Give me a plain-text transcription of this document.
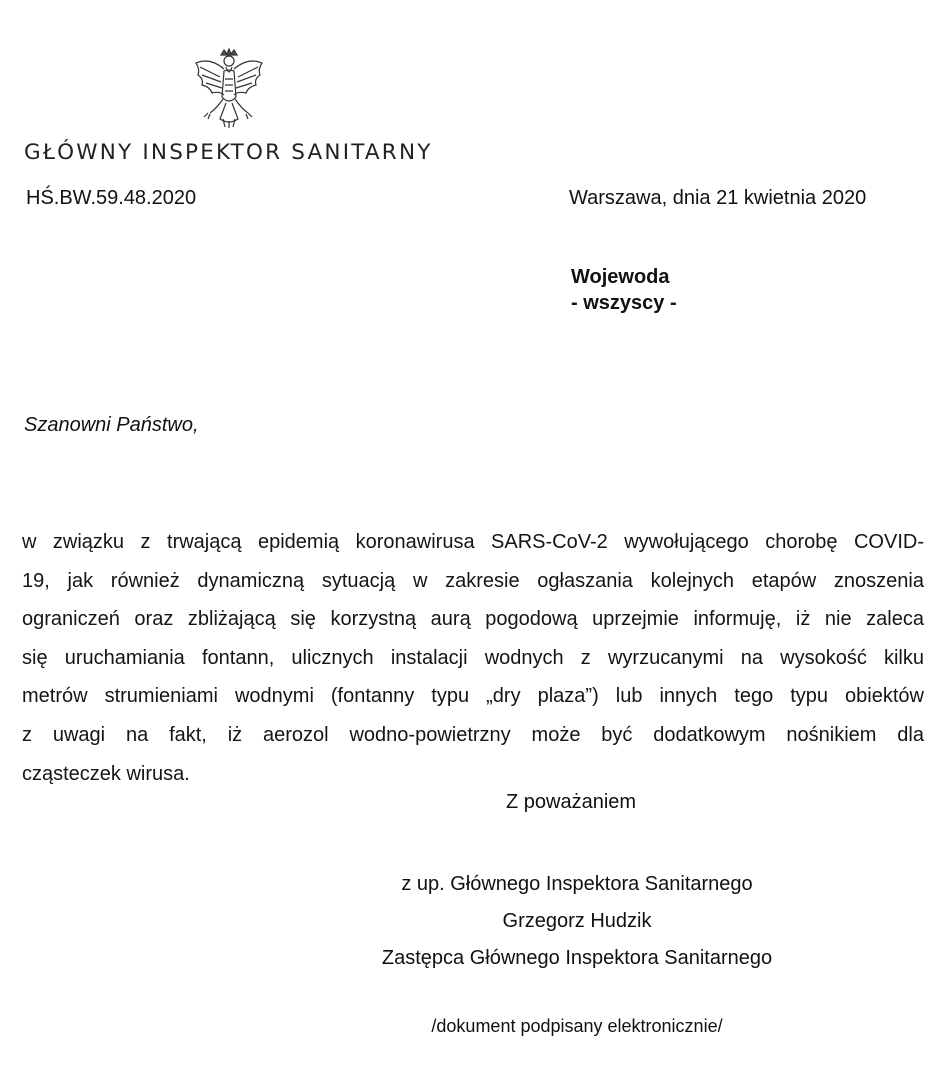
GŁÓWNY INSPEKTOR SANITARNY
HŚ.BW.59.48.2020	Warszawa, dnia 21 kwietnia 2020
Wojewoda
- wszyscy -
Szanowni Państwo,
w związku z trwającą epidemią koronawirusa SARS-CoV-2 wywołującego chorobę COVID-
19, jak również dynamiczną sytuacją w zakresie ogłaszania kolejnych etapów znoszenia
ograniczeń oraz zbliżającą się korzystną aurą pogodową uprzejmie informuję, iż nie zaleca
się uruchamiania fontann, ulicznych instalacji wodnych z wyrzucanymi na wysokość kilku
metrów strumieniami wodnymi (fontanny typu „dry plaza”) lub innych tego typu obiektów
z uwagi na fakt, iż aerozol wodno-powietrzny może być dodatkowym nośnikiem dla
cząsteczek wirusa.
Z poważaniem
z up. Głównego Inspektora Sanitarnego
Grzegorz Hudzik
Zastępca Głównego Inspektora Sanitarnego
/dokument podpisany elektronicznie/
